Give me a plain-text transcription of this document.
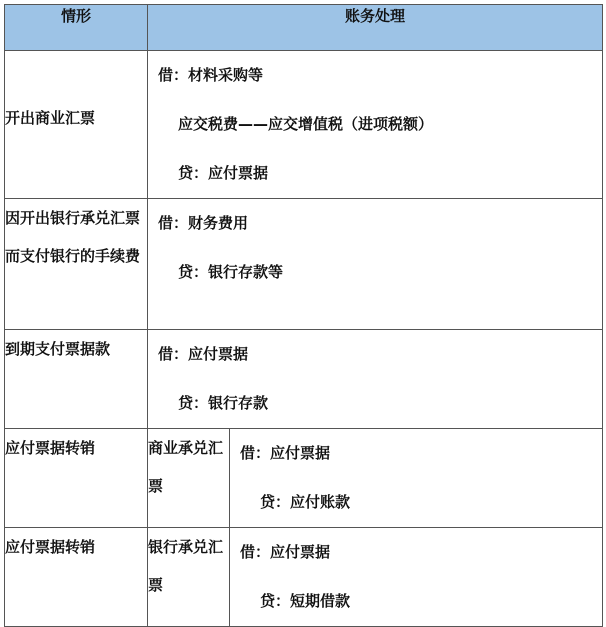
情形	账务处理	
开出商业汇票	借：材料采购等
应交税费——应交增值税（进项税额）
贷：应付票据	

因开出银行承兑汇票而支付银行的手续费	借：财务费用
贷：银行存款等	

到期支付票据款	借：应付票据
贷：银行存款	

应付票据转销	商业承兑汇票	借：应付票据
贷：应付账款

应付票据转销	银行承兑汇票	借：应付票据
贷：短期借款
